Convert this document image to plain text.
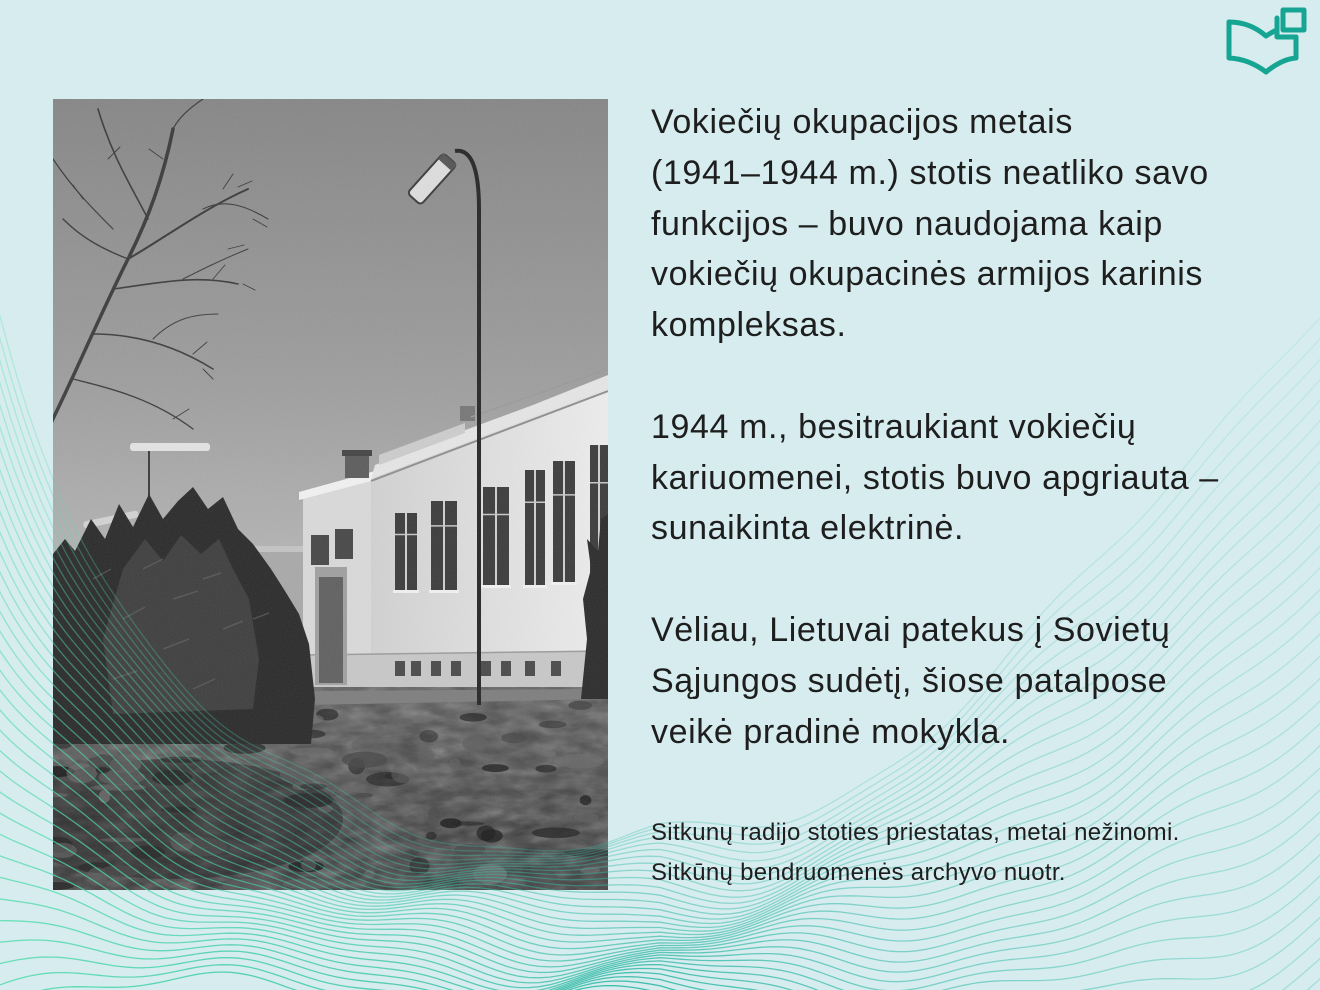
Vokiečių okupacijos metais
(1941–1944 m.) stotis neatliko savo
funkcijos – buvo naudojama kaip
vokiečių okupacinės armijos karinis
kompleksas.

1944 m., besitraukiant vokiečių
kariuomenei, stotis buvo apgriauta –
sunaikinta elektrinė.

Vėliau, Lietuvai patekus į Sovietų
Sąjungos sudėtį, šiose patalpose
veikė pradinė mokykla.

Sitkunų radijo stoties priestatas, metai nežinomi.
Sitkūnų bendruomenės archyvo nuotr.
